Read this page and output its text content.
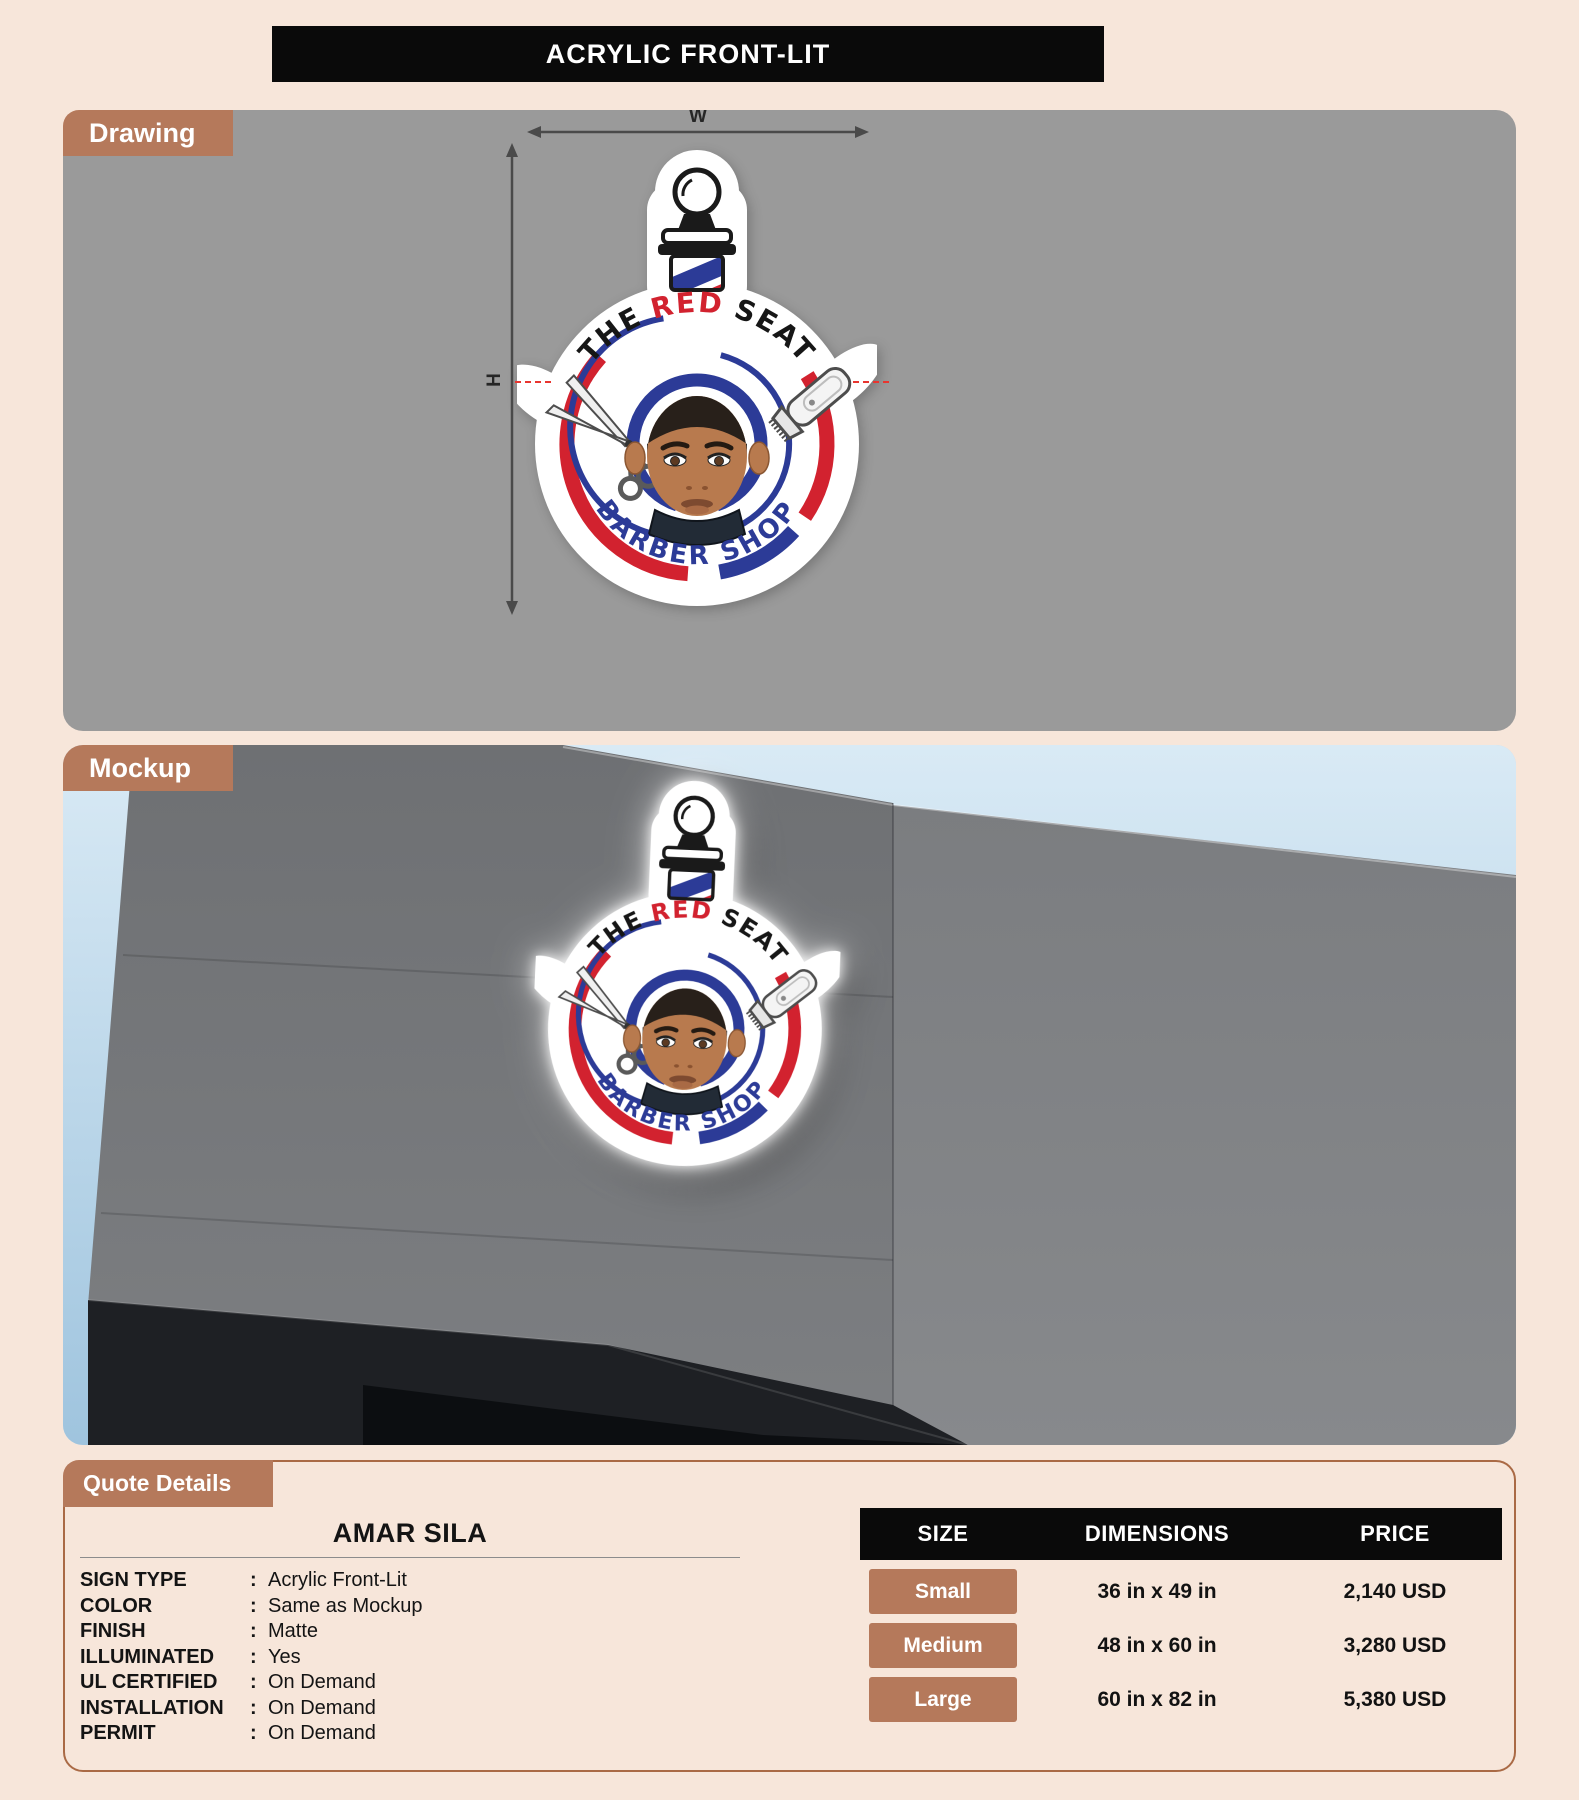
ACRYLIC FRONT-LIT
Drawing
W
H
Mockup
Quote Details
AMAR SILA
SIGN TYPE	: Acrylic Front-Lit
COLOR	: Same as Mockup
FINISH	: Matte
ILLUMINATED	: Yes
UL CERTIFIED	: On Demand
INSTALLATION	: On Demand
PERMIT	: On Demand
SIZE	DIMENSIONS	PRICE
Small	36 in x 49 in	2,140 USD
Medium	48 in x 60 in	3,280 USD
Large	60 in x 82 in	5,380 USD
